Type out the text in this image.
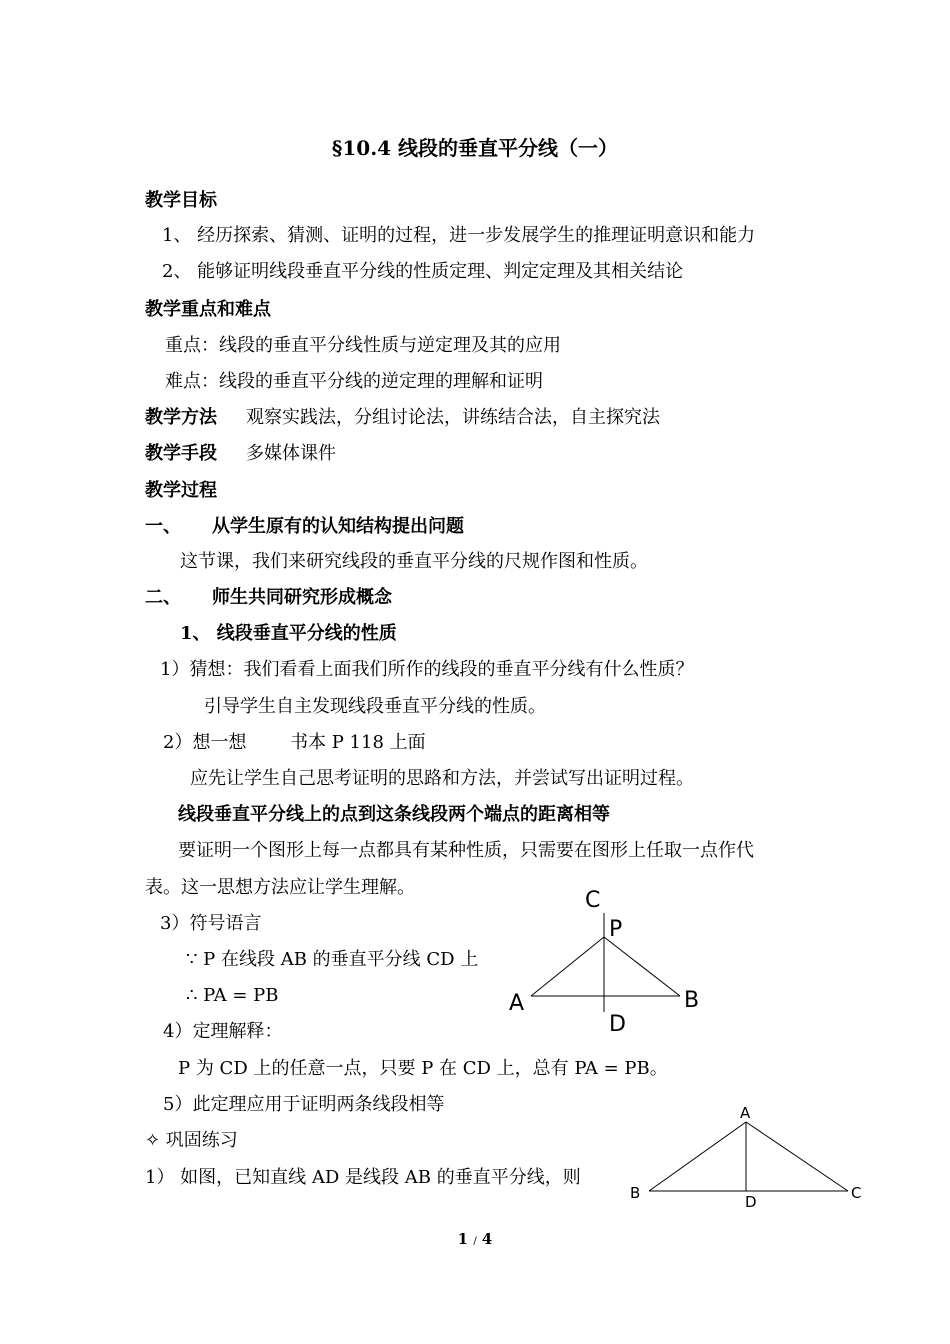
§10.4 线段的垂直平分线（一）
教学目标
1、 经历探索、猜测、证明的过程，进一步发展学生的推理证明意识和能力
2、 能够证明线段垂直平分线的性质定理、判定定理及其相关结论
教学重点和难点
重点：线段的垂直平分线性质与逆定理及其的应用
难点：线段的垂直平分线的逆定理的理解和证明
教学方法 观察实践法，分组讨论法，讲练结合法，自主探究法
教学手段 多媒体课件
教学过程
一、 从学生原有的认知结构提出问题
这节课，我们来研究线段的垂直平分线的尺规作图和性质。
二、 师生共同研究形成概念
1、 线段垂直平分线的性质
1）猜想：我们看看上面我们所作的线段的垂直平分线有什么性质？
引导学生自主发现线段垂直平分线的性质。
2）想一想 书本 P 118 上面
应先让学生自己思考证明的思路和方法，并尝试写出证明过程。
线段垂直平分线上的点到这条线段两个端点的距离相等
要证明一个图形上每一点都具有某种性质，只需要在图形上任取一点作代
表。这一思想方法应让学生理解。
3）符号语言
∵ P 在线段 AB 的垂直平分线 CD 上
∴ PA = PB
4）定理解释：
P 为 CD 上的任意一点，只要 P 在 CD 上，总有 PA = PB。
5）此定理应用于证明两条线段相等
✧ 巩固练习
1） 如图，已知直线 AD 是线段 AB 的垂直平分线，则
C
P
A	B
D
A
B	C
D
1 / 4
